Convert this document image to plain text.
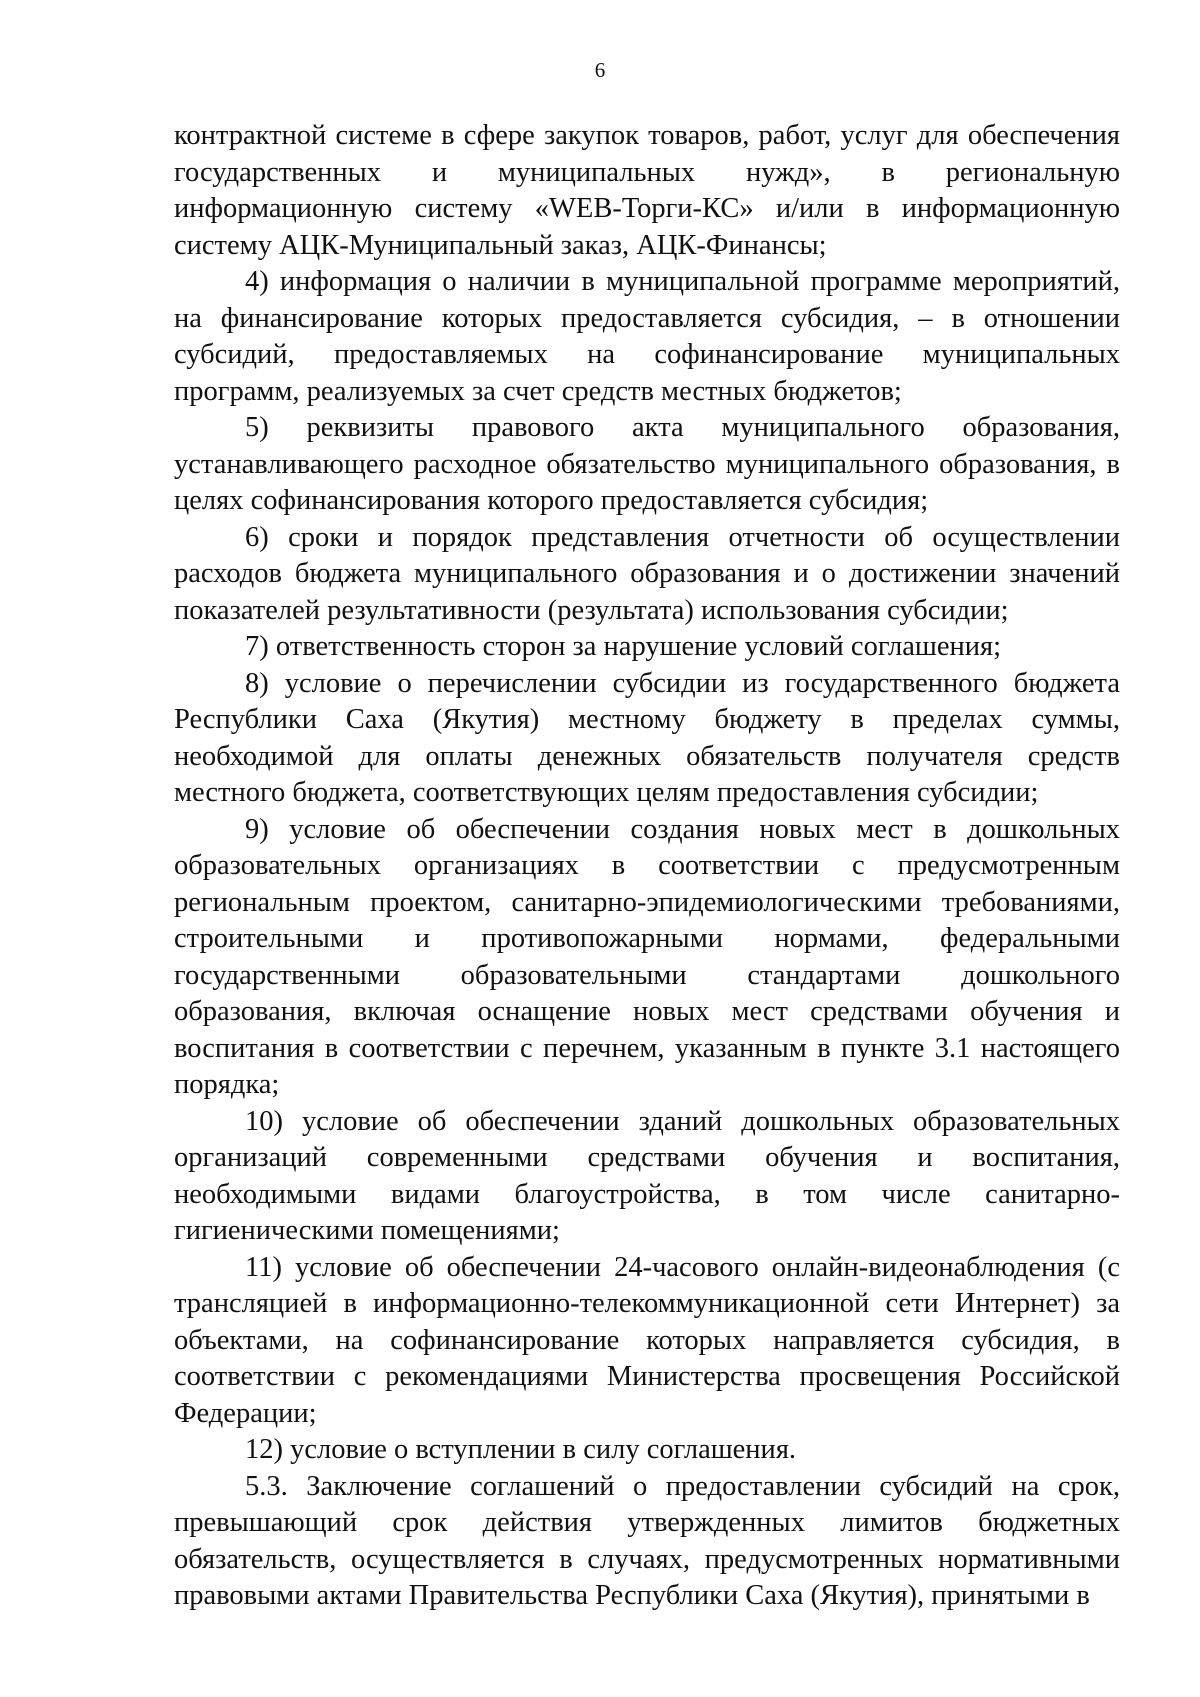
6

контрактной системе в сфере закупок товаров, работ, услуг для обеспечения государственных и муниципальных нужд», в региональную информационную систему «WEB-Торги-КС» и/или в информационную систему АЦК-Муниципальный заказ, АЦК-Финансы;

4) информация о наличии в муниципальной программе мероприятий, на финансирование которых предоставляется субсидия, – в отношении субсидий, предоставляемых на софинансирование муниципальных программ, реализуемых за счет средств местных бюджетов;

5) реквизиты правового акта муниципального образования, устанавливающего расходное обязательство муниципального образования, в целях софинансирования которого предоставляется субсидия;

6) сроки и порядок представления отчетности об осуществлении расходов бюджета муниципального образования и о достижении значений показателей результативности (результата) использования субсидии;

7) ответственность сторон за нарушение условий соглашения;

8) условие о перечислении субсидии из государственного бюджета Республики Саха (Якутия) местному бюджету в пределах суммы, необходимой для оплаты денежных обязательств получателя средств местного бюджета, соответствующих целям предоставления субсидии;

9) условие об обеспечении создания новых мест в дошкольных образовательных организациях в соответствии с предусмотренным региональным проектом, санитарно-эпидемиологическими требованиями, строительными и противопожарными нормами, федеральными государственными образовательными стандартами дошкольного образования, включая оснащение новых мест средствами обучения и воспитания в соответствии с перечнем, указанным в пункте 3.1 настоящего порядка;

10) условие об обеспечении зданий дошкольных образовательных организаций современными средствами обучения и воспитания, необходимыми видами благоустройства, в том числе санитарно-гигиеническими помещениями;

11) условие об обеспечении 24-часового онлайн-видеонаблюдения (с трансляцией в информационно-телекоммуникационной сети Интернет) за объектами, на софинансирование которых направляется субсидия, в соответствии с рекомендациями Министерства просвещения Российской Федерации;

12) условие о вступлении в силу соглашения.

5.3. Заключение соглашений о предоставлении субсидий на срок, превышающий срок действия утвержденных лимитов бюджетных обязательств, осуществляется в случаях, предусмотренных нормативными правовыми актами Правительства Республики Саха (Якутия), принятыми в
